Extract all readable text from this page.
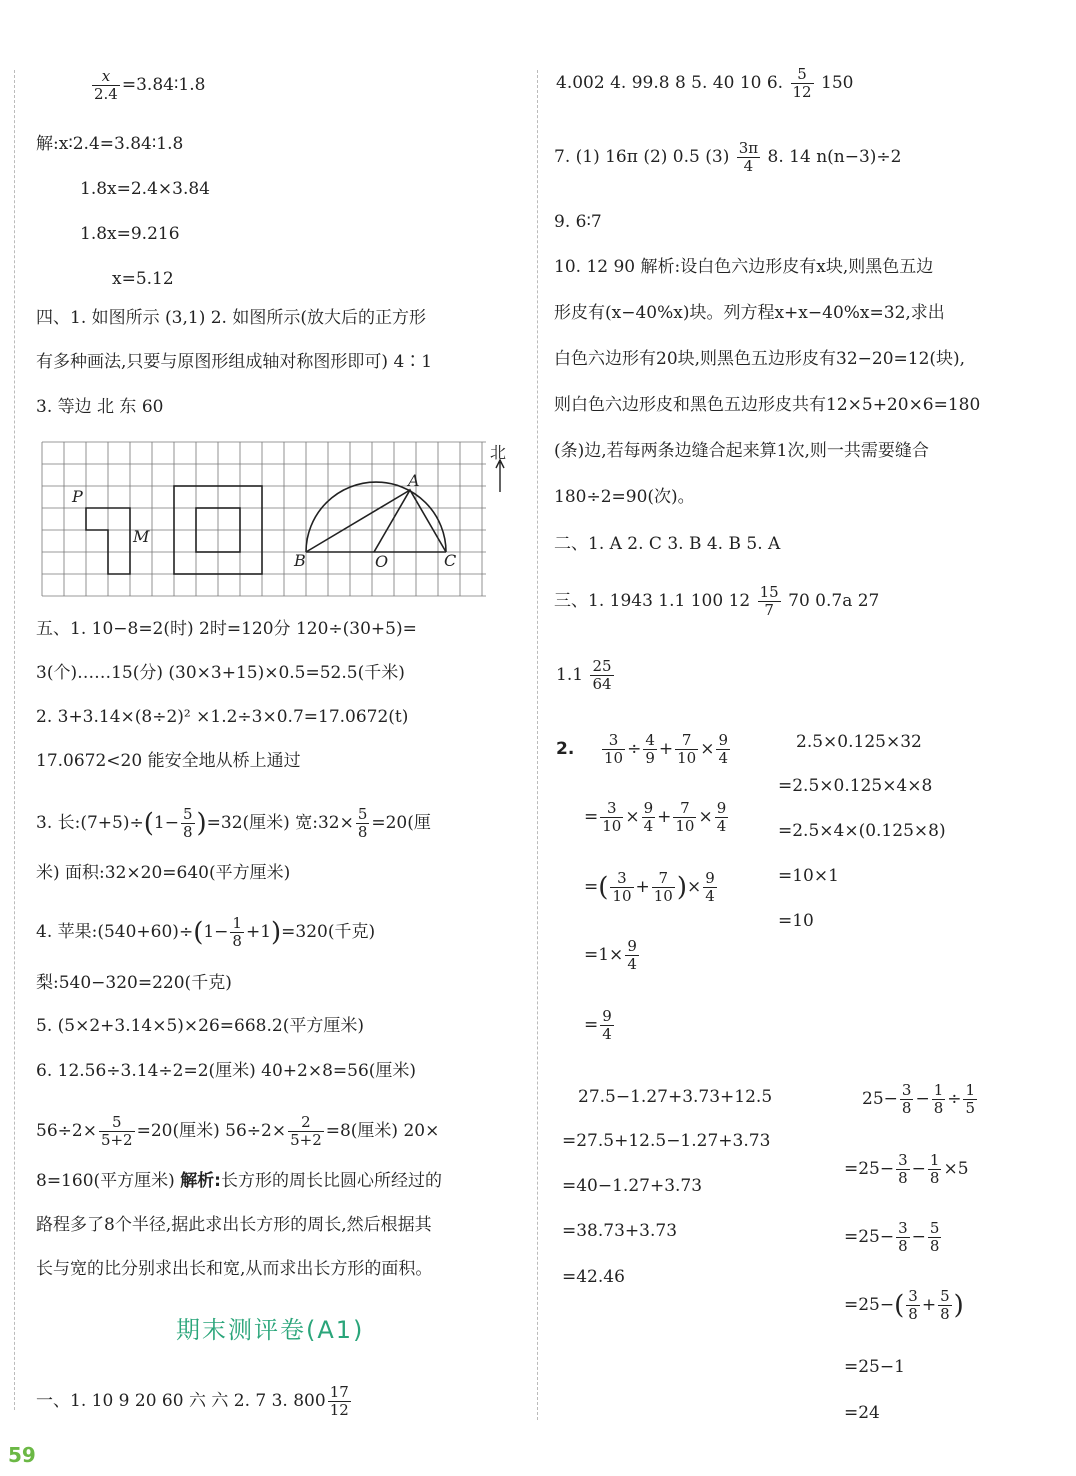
$\frac{x}{2.4}$ =3.84∶1.8
解:x∶2.4=3.84∶1.8
1.8x=2.4×3.84
1.8x=9.216
x=5.12
四、1. 如图所示 (3,1) 2. 如图所示(放大后的正方形
有多种画法,只要与原图形组成轴对称图形即可) 4∶1
3. 等边 北 东 60
P
M
A
B	O	C
北
五、1. 10−8=2(时) 2时=120分 120÷(30+5)=
3(个)……15(分) (30×3+15)×0.5=52.5(千米)
2. 3+3.14×(8÷2)² ×1.2÷3×0.7=17.0672(t)
17.0672<20 能安全地从桥上通过
3. 长:(7+5)÷(1− $\frac{5}{8} )=32$(厘米) 宽:32× $\frac{5}{8} =20$(厘
米) 面积:32×20=640(平方厘米)
4. 苹果:(540+60)÷(1− $\frac{1}{8} +1)=320$(千克)
梨:540−320=220(千克)
5. (5×2+3.14×5)×26=668.2(平方厘米)
6. 12.56÷3.14÷2=2(厘米) 40+2×8=56(厘米)
$56\div 2\times \frac{5}{5+2} =20$(厘米) $56\div 2\times \frac{2}{5+2} =8$(厘米) 20×
8=160(平方厘米) 解析:长方形的周长比圆心所经过的
路程多了8个半径,据此求出长方形的周长,然后根据其
长与宽的比分别求出长和宽,从而求出长方形的面积。
期末测评卷(A1)
一、1. 10 9 20 60 六 六 2. 7 3. $800 \frac{17}{12}$
59
4.002 4. 99.8 8 5. 40 10 6. $\frac{5}{12} 150$
7. (1) 16π (2) 0.5 $(3) \frac{3\pi}{4} 8$. 14 n(n−3)÷2
9. 6∶7
10. 12 90 解析:设白色六边形皮有x块,则黑色五边
形皮有(x−40%x)块。列方程x+x−40%x=32,求出
白色六边形有20块,则黑色五边形皮有32−20=12(块),
则白色六边形皮和黑色五边形皮共有12×5+20×6=180
(条)边,若每两条边缝合起来算1次,则一共需要缝合
180÷2=90(次)。
二、1. A 2. C 3. B 4. B 5. A
三、1. 1943 1.1 100 $12 \frac{15}{7} 70$ 0.7a 27
$1.1 \frac{25}{64}$
2. $\frac{3}{10} \div \frac{4}{9} + \frac{7}{10} \times \frac{9}{4}$
= $\frac{3}{10} \times \frac{9}{4} + \frac{7}{10} \times \frac{9}{4}$
=( $\frac{3}{10} + \frac{7}{10}$ )× $\frac{9}{4}$
$=1\times \frac{9}{4}$
= $\frac{9}{4}$
2.5×0.125×32
=2.5×0.125×4×8
=2.5×4×(0.125×8)
=10×1
=10
27.5−1.27+3.73+12.5
=27.5+12.5−1.27+3.73
=40−1.27+3.73
=38.73+3.73
=42.46
$25- \frac{3}{8} - \frac{1}{8} \div \frac{1}{5}$
$=25- \frac{3}{8} - \frac{1}{8} \times 5$
$=25- \frac{3}{8} - \frac{5}{8}$
$=25-( \frac{3}{8} + \frac{5}{8}$ )
=25−1
=24
